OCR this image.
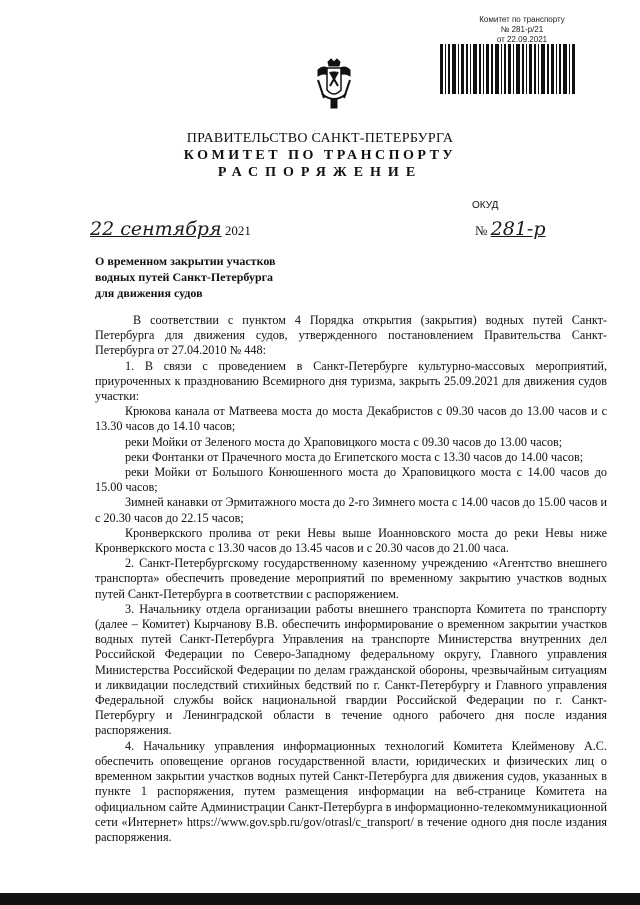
Комитет по транспорту
№ 281-р/21
от 22.09.2021
ПРАВИТЕЛЬСТВО САНКТ-ПЕТЕРБУРГА
КОМИТЕТ ПО ТРАНСПОРТУ
РАСПОРЯЖЕНИЕ
ОКУД
22 сентября 2021	№ 281-р
О временном закрытии участков
водных путей Санкт-Петербурга
для движения судов

В соответствии с пунктом 4 Порядка открытия (закрытия) водных путей Санкт-Петербурга для движения судов, утвержденного постановлением Правительства Санкт-Петербурга от 27.04.2010 № 448:

1. В связи с проведением в Санкт-Петербурге культурно-массовых мероприятий, приуроченных к празднованию Всемирного дня туризма, закрыть 25.09.2021 для движения судов участки:

Крюкова канала от Матвеева моста до моста Декабристов с 09.30 часов до 13.00 часов и с 13.30 часов до 14.10 часов;

реки Мойки от Зеленого моста до Храповицкого моста с 09.30 часов до 13.00 часов;

реки Фонтанки от Прачечного моста до Египетского моста с 13.30 часов до 14.00 часов;

реки Мойки от Большого Конюшенного моста до Храповицкого моста с 14.00 часов до 15.00 часов;

Зимней канавки от Эрмитажного моста до 2-го Зимнего моста с 14.00 часов до 15.00 часов и с 20.30 часов до 22.15 часов;

Кронверкского пролива от реки Невы выше Иоанновского моста до реки Невы ниже Кронверкского моста с 13.30 часов до 13.45 часов и с 20.30 часов до 21.00 часа.

2. Санкт-Петербургскому государственному казенному учреждению «Агентство внешнего транспорта» обеспечить проведение мероприятий по временному закрытию участков водных путей Санкт-Петербурга в соответствии с распоряжением.

3. Начальнику отдела организации работы внешнего транспорта Комитета по транспорту (далее – Комитет) Кырчанову В.В. обеспечить информирование о временном закрытии участков водных путей Санкт-Петербурга Управления на транспорте Министерства внутренних дел Российской Федерации по Северо-Западному федеральному округу, Главного управления Министерства Российской Федерации по делам гражданской обороны, чрезвычайным ситуациям и ликвидации последствий стихийных бедствий по г. Санкт-Петербургу и Главного управления Федеральной службы войск национальной гвардии Российской Федерации по г. Санкт-Петербургу и Ленинградской области в течение одного рабочего дня после издания распоряжения.

4. Начальнику управления информационных технологий Комитета Клейменову А.С. обеспечить оповещение органов государственной власти, юридических и физических лиц о временном закрытии участков водных путей Санкт-Петербурга для движения судов, указанных в пункте 1 распоряжения, путем размещения информации на веб-странице Комитета на официальном сайте Администрации Санкт-Петербурга в информационно-телекоммуникационной сети «Интернет» https://www.gov.spb.ru/gov/otrasl/c_transport/ в течение одного дня после издания распоряжения.
